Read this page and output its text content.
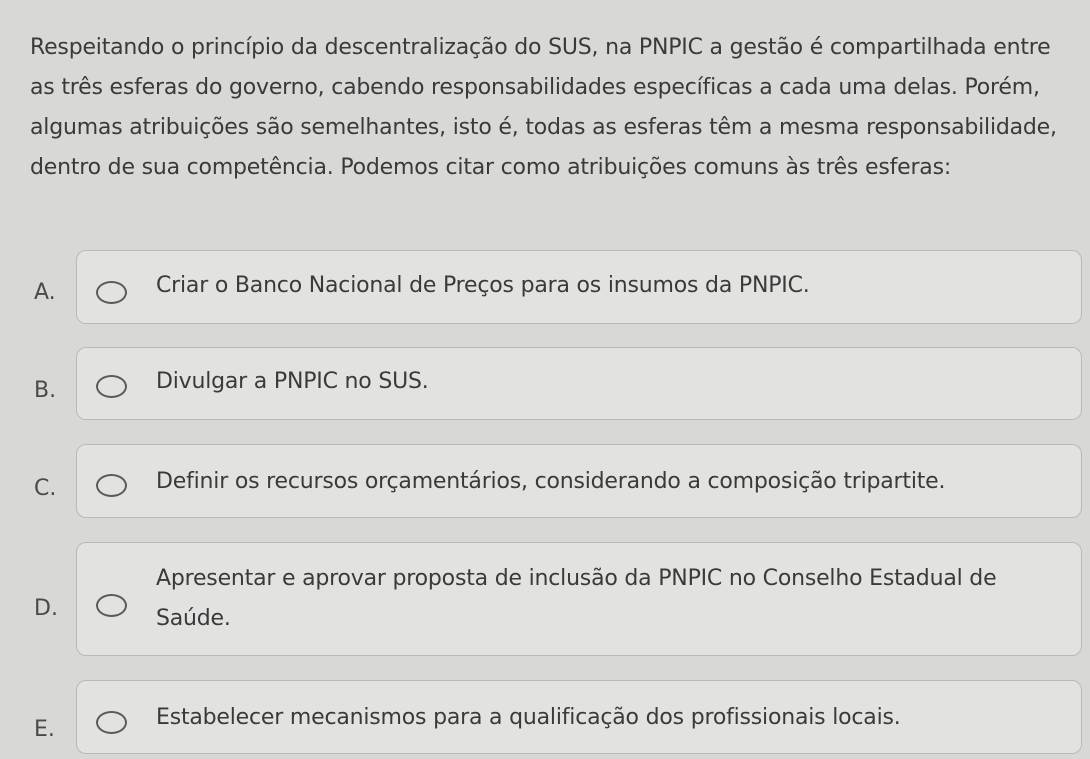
Respeitando o princípio da descentralização do SUS, na PNPIC a gestão é compartilhada entre as três esferas do governo, cabendo responsabilidades específicas a cada uma delas. Porém, algumas atribuições são semelhantes, isto é, todas as esferas têm a mesma responsabilidade, dentro de sua competência. Podemos citar como atribuições comuns às três esferas:
A.	Criar o Banco Nacional de Preços para os insumos da PNPIC.
B.	Divulgar a PNPIC no SUS.
C.	Definir os recursos orçamentários, considerando a composição tripartite.
D.
Apresentar e aprovar proposta de inclusão da PNPIC no Conselho Estadual de Saúde.
E.	Estabelecer mecanismos para a qualificação dos profissionais locais.
